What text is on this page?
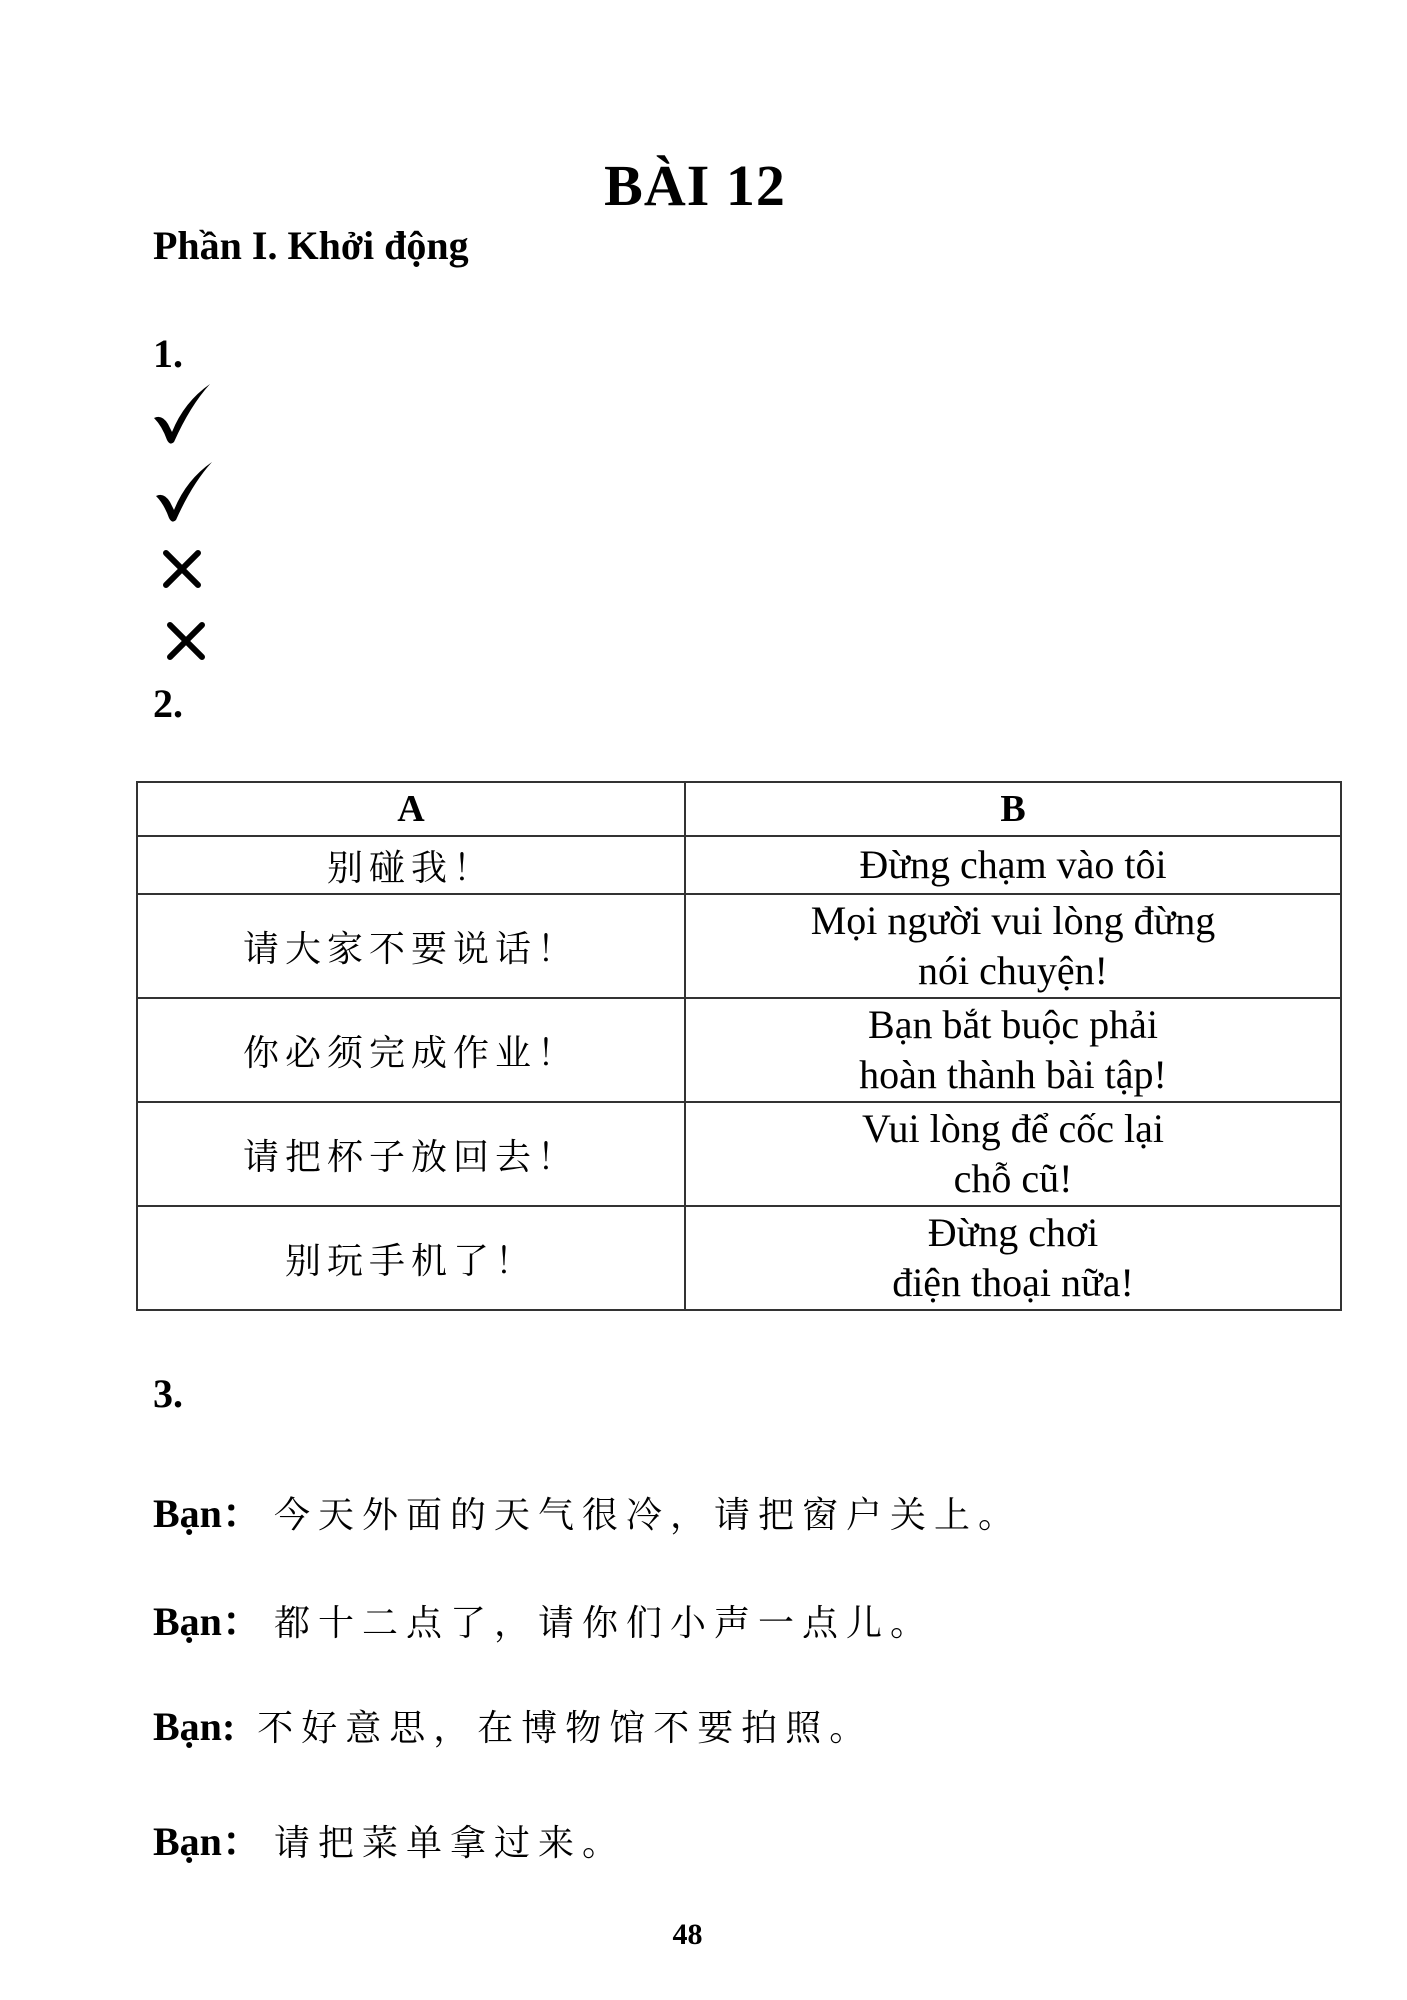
BÀI 12
Phần I. Khởi động
1.
2.
A	B
别碰我！	Đừng chạm vào tôi

请大家不要说话！	Mọi người vui lòng đừng
nói chuyện!

你必须完成作业！	Bạn bắt buộc phải
hoàn thành bài tập!

请把杯子放回去！	Vui lòng để cốc lại
chỗ cũ!

别玩手机了！	Đừng chơi
điện thoại nữa!
3.
Bạn ： 今天外面的天气很冷，请把窗户关上。
Bạn ： 都十二点了，请你们小声一点儿。
Bạn : 不好意思，在博物馆不要拍照。
Bạn ： 请把菜单拿过来。
48
